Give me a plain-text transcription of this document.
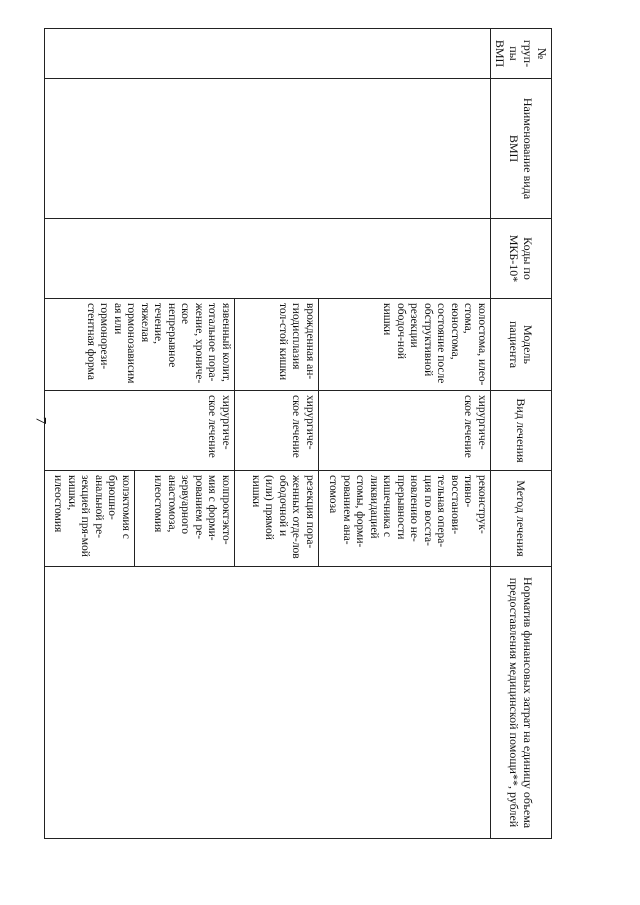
7
№ груп-пы ВМП	Наименование вида ВМП	Коды по МКБ-10*	Модель пациента	Вид лечения	Метод лечения	Норматив финансовых затрат на единицу объема предоставления медицинской помощи**, рублей
			колостома, илео-стома, еюностома, состояние после обструктивной резекции ободоч-ной кишки	хирургиче-ское лечение	реконструк-тивно-восстанови-тельная опера-ция по восста-новлению не-прерывности кишечника с ликвидацией стомы, форми-рованием ана-стомоза	
			врожденная ан-гиодисплазия тол-стой кишки	хирургиче-ское лечение	резекция пора-женных отде-лов ободочной и (или) прямой кишки	
			язвенный колит, тотальное пора-жение, хрониче-ское непрерывное течение, тяжелая гормонозависимая или гормонорези-стентная форма	хирургиче-ское лечение	колпроктэкто-мия с форми-рованием ре-зервуарного анастомоза, илеостомия	
					колэктомия с брюшно-анальной ре-зекцией пря-мой кишки, илеостомия	
